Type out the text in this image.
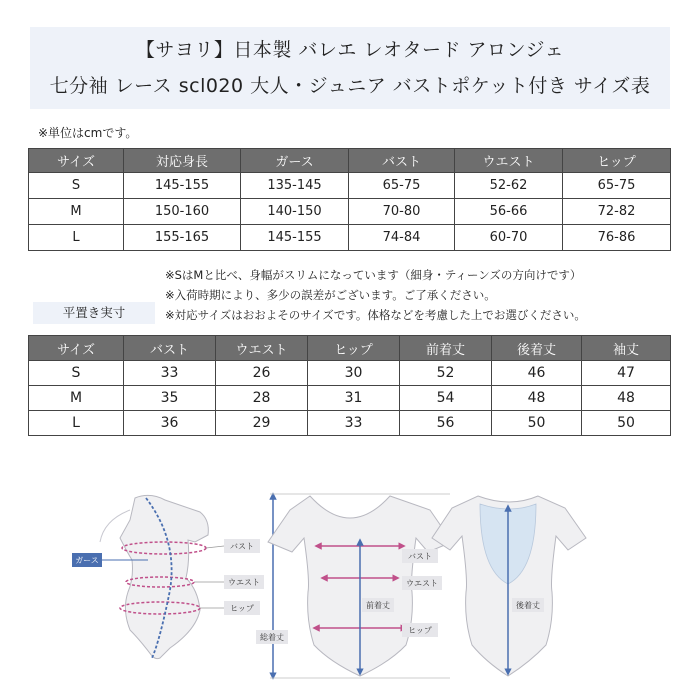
【サヨリ】日本製 バレエ レオタード アロンジェ
七分袖 レース scl020 大人・ジュニア バストポケット付き サイズ表
※単位はcmです。
サイズ	対応身長	ガース	バスト	ウエスト	ヒップ
S	145-155	135-145	65-75	52-62	65-75
M	150-160	140-150	70-80	56-66	72-82
L	155-165	145-155	74-84	60-70	76-86
※SはMと比べ、身幅がスリムになっています（細身・ティーンズの方向けです）
※入荷時期により、多少の誤差がございます。ご了承ください。
※対応サイズはおおよそのサイズです。体格などを考慮した上でお選びください。
平置き実寸
サイズ	バスト	ウエスト	ヒップ	前着丈	後着丈	袖丈
S	33	26	30	52	46	47
M	35	28	31	54	48	48
L	36	29	33	56	50	50
ガース
バスト
ウエスト
ヒップ
総着丈
前着丈
バスト
ウエスト
ヒップ
後着丈
